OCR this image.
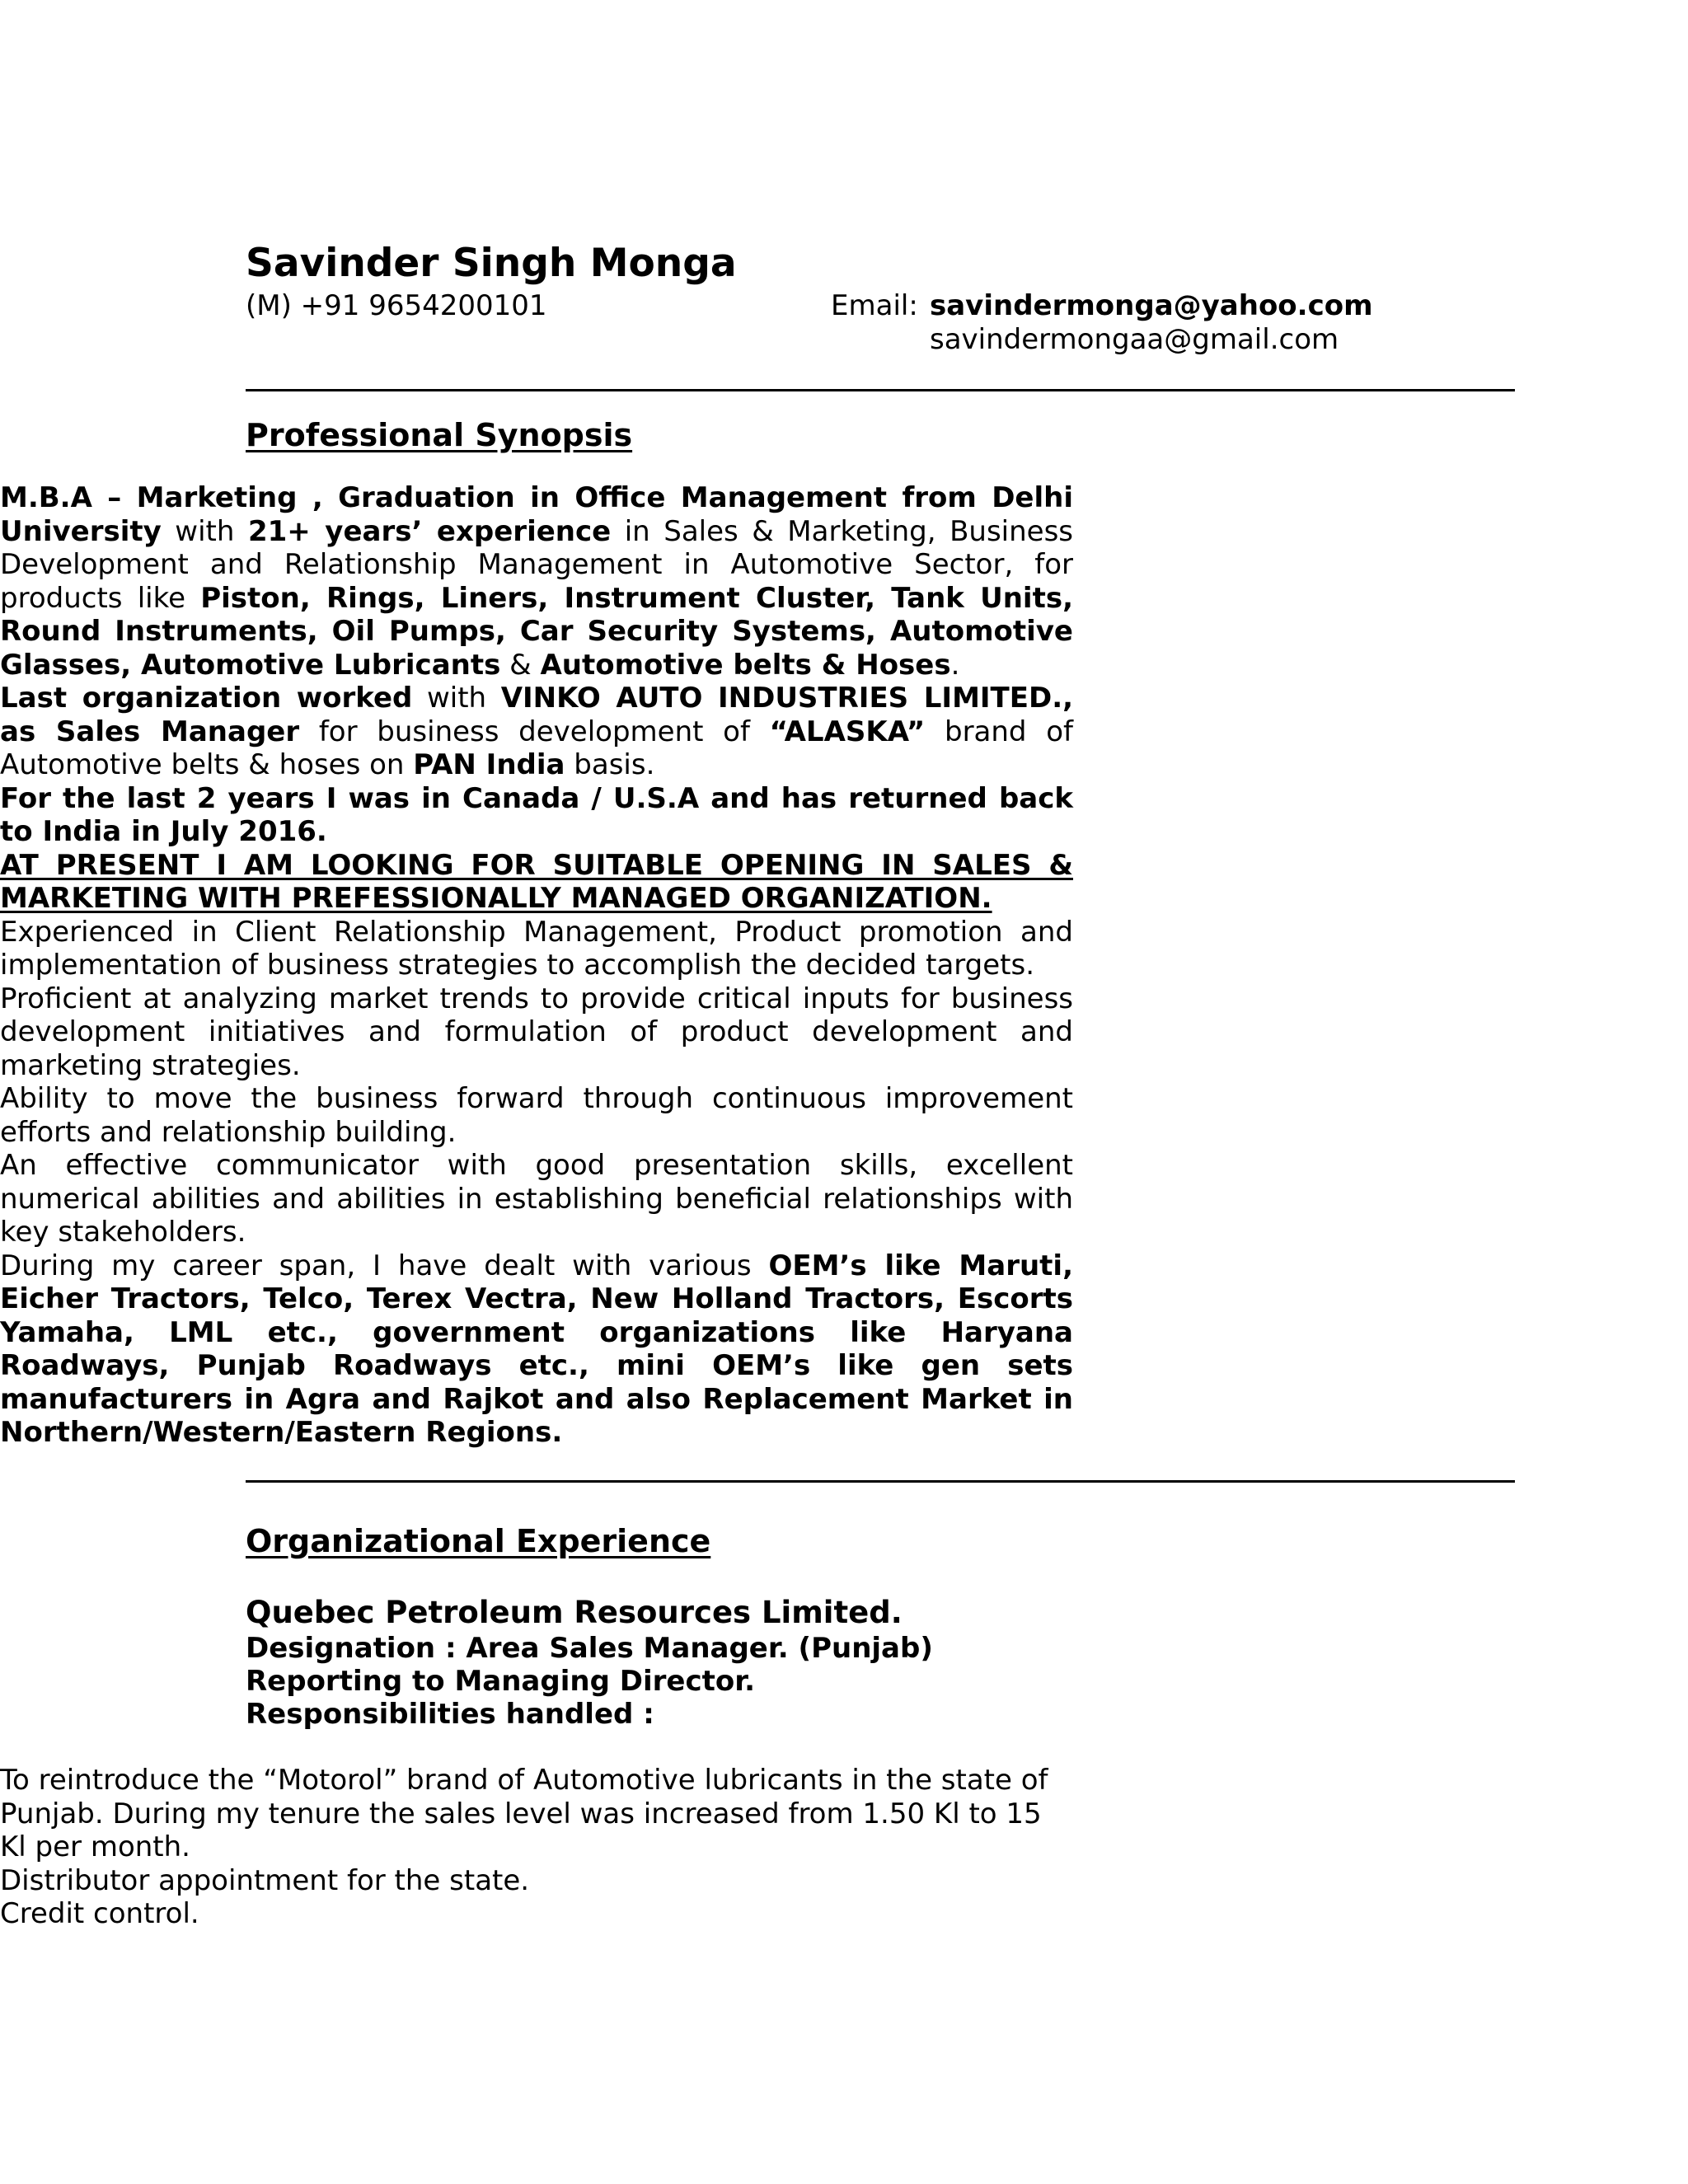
Savinder Singh Monga
(M) +91 9654200101	Email: savindermonga@yahoo.com
savindermongaa@gmail.com
Professional Synopsis
M.B.A – Marketing , Graduation in Office Management from Delhi University with 21+ years’ experience in Sales & Marketing, Business Development and Relationship Management in Automotive Sector, for products like Piston, Rings, Liners, Instrument Cluster, Tank Units, Round Instruments, Oil Pumps, Car Security Systems, Automotive Glasses, Automotive Lubricants & Automotive belts & Hoses.
Last organization worked with VINKO AUTO INDUSTRIES LIMITED., as Sales Manager for business development of “ALASKA” brand of Automotive belts & hoses on PAN India basis.
For the last 2 years I was in Canada / U.S.A and has returned back to India in July 2016.
AT PRESENT I AM LOOKING FOR SUITABLE OPENING IN SALES & MARKETING WITH PREFESSIONALLY MANAGED ORGANIZATION.
Experienced in Client Relationship Management, Product promotion and implementation of business strategies to accomplish the decided targets.
Proficient at analyzing market trends to provide critical inputs for business development initiatives and formulation of product development and marketing strategies.
Ability to move the business forward through continuous improvement efforts and relationship building.
An effective communicator with good presentation skills, excellent numerical abilities and abilities in establishing beneficial relationships with key stakeholders.
During my career span, I have dealt with various OEM’s like Maruti, Eicher Tractors, Telco, Terex Vectra, New Holland Tractors, Escorts Yamaha, LML etc., government organizations like Haryana Roadways, Punjab Roadways etc., mini OEM’s like gen sets manufacturers in Agra and Rajkot and also Replacement Market in Northern/Western/Eastern Regions.
.
Organizational Experience
Quebec Petroleum Resources Limited.
Designation : Area Sales Manager. (Punjab)
Reporting to Managing Director.
Responsibilities handled :
To reintroduce the “Motorol” brand of Automotive lubricants in the state of Punjab. During my tenure the sales level was increased from 1.50 Kl to 15 Kl per month.
Distributor appointment for the state.
Credit control.
